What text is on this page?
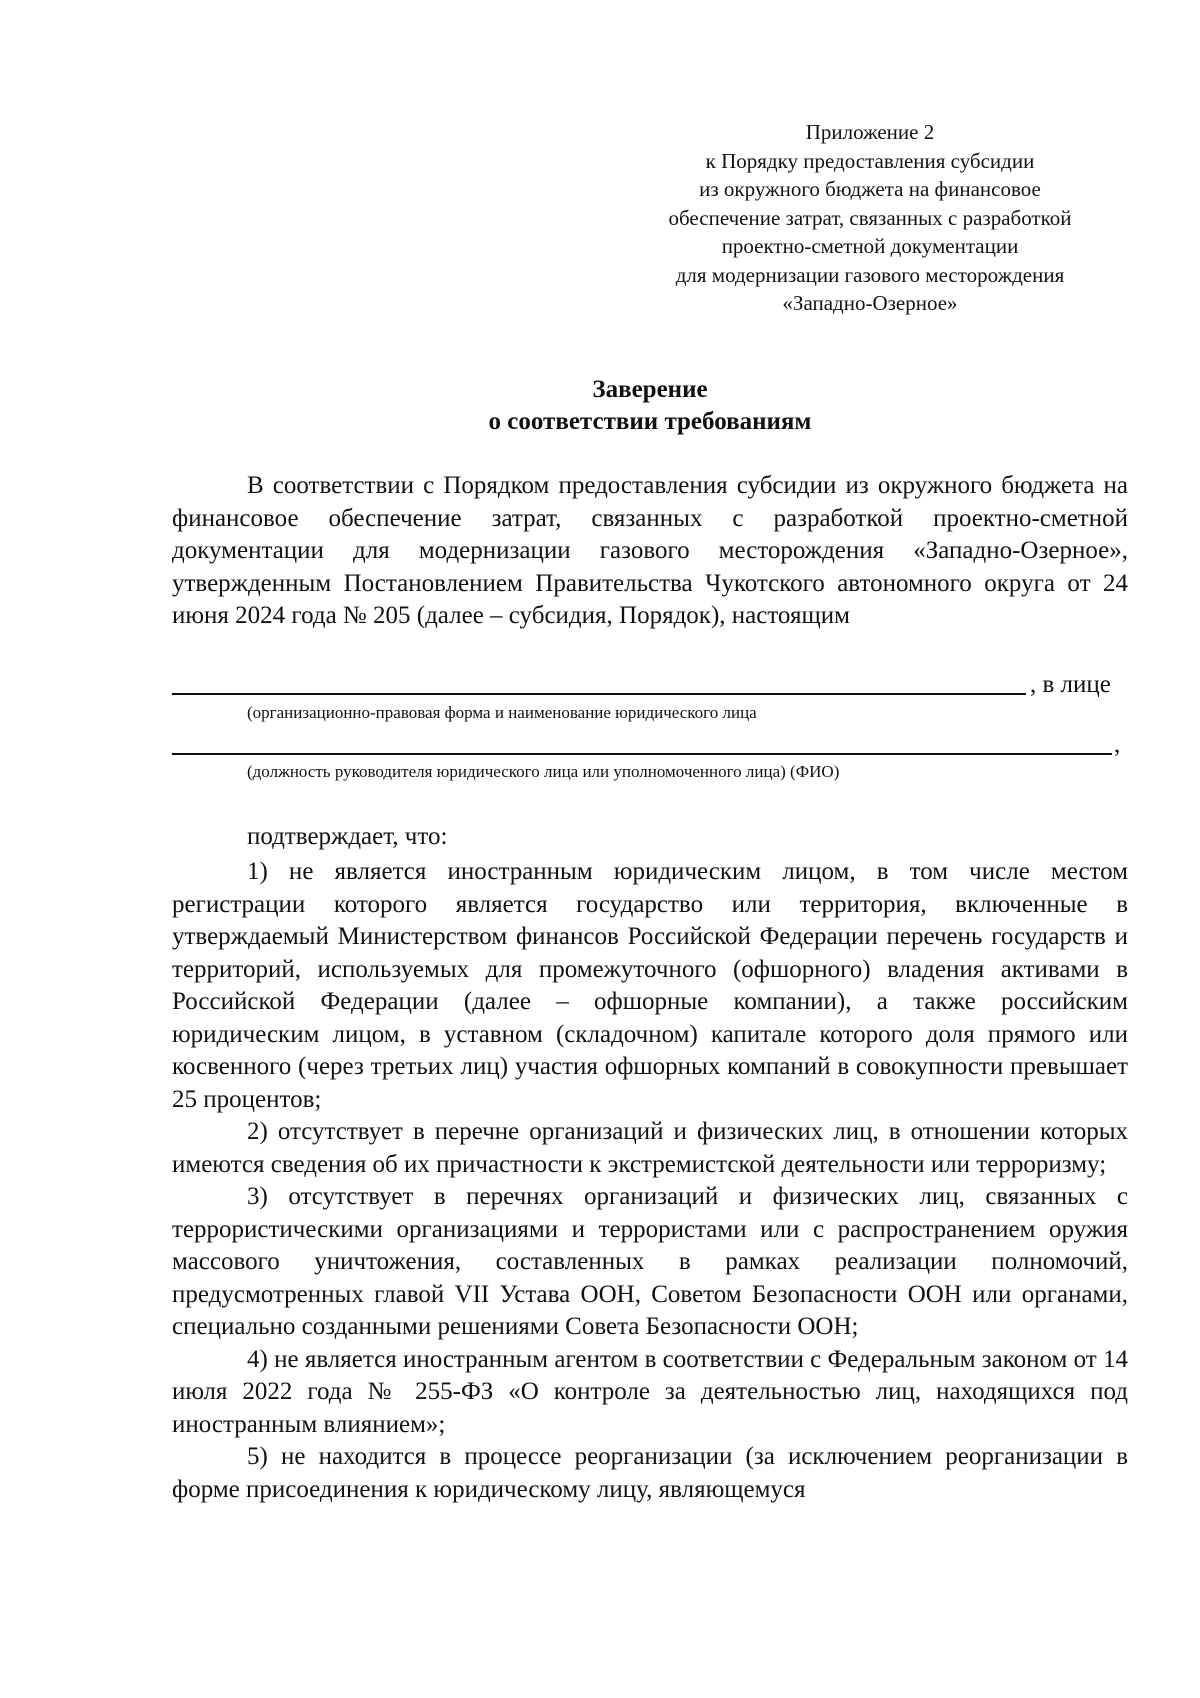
Приложение 2
к Порядку предоставления субсидии
из окружного бюджета на финансовое
обеспечение затрат, связанных с разработкой
проектно-сметной документации
для модернизации газового месторождения
«Западно-Озерное»
Заверение
о соответствии требованиям

В соответствии с Порядком предоставления субсидии из окружного бюджета на финансовое обеспечение затрат, связанных с разработкой проектно-сметной документации для модернизации газового месторождения «Западно-Озерное», утвержденным Постановлением Правительства Чукотского автономного округа от 24 июня 2024 года № 205 (далее – субсидия, Порядок), настоящим

, в лице
(организационно-правовая форма и наименование юридического лица
,
(должность руководителя юридического лица или уполномоченного лица) (ФИО)
подтверждает, что:

1) не является иностранным юридическим лицом, в том числе местом регистрации которого является государство или территория, включенные в утверждаемый Министерством финансов Российской Федерации перечень государств и территорий, используемых для промежуточного (офшорного) владения активами в Российской Федерации (далее – офшорные компании), а также российским юридическим лицом, в уставном (складочном) капитале которого доля прямого или косвенного (через третьих лиц) участия офшорных компаний в совокупности превышает 25 процентов;

2) отсутствует в перечне организаций и физических лиц, в отношении которых имеются сведения об их причастности к экстремистской деятельности или терроризму;

3) отсутствует в перечнях организаций и физических лиц, связанных с террористическими организациями и террористами или с распространением оружия массового уничтожения, составленных в рамках реализации полномочий, предусмотренных главой VII Устава ООН, Советом Безопасности ООН или органами, специально созданными решениями Совета Безопасности ООН;

4) не является иностранным агентом в соответствии с Федеральным законом от 14 июля 2022 года № 255-ФЗ «О контроле за деятельностью лиц, находящихся под иностранным влиянием»;

5) не находится в процессе реорганизации (за исключением реорганизации в форме присоединения к юридическому лицу, являющемуся
